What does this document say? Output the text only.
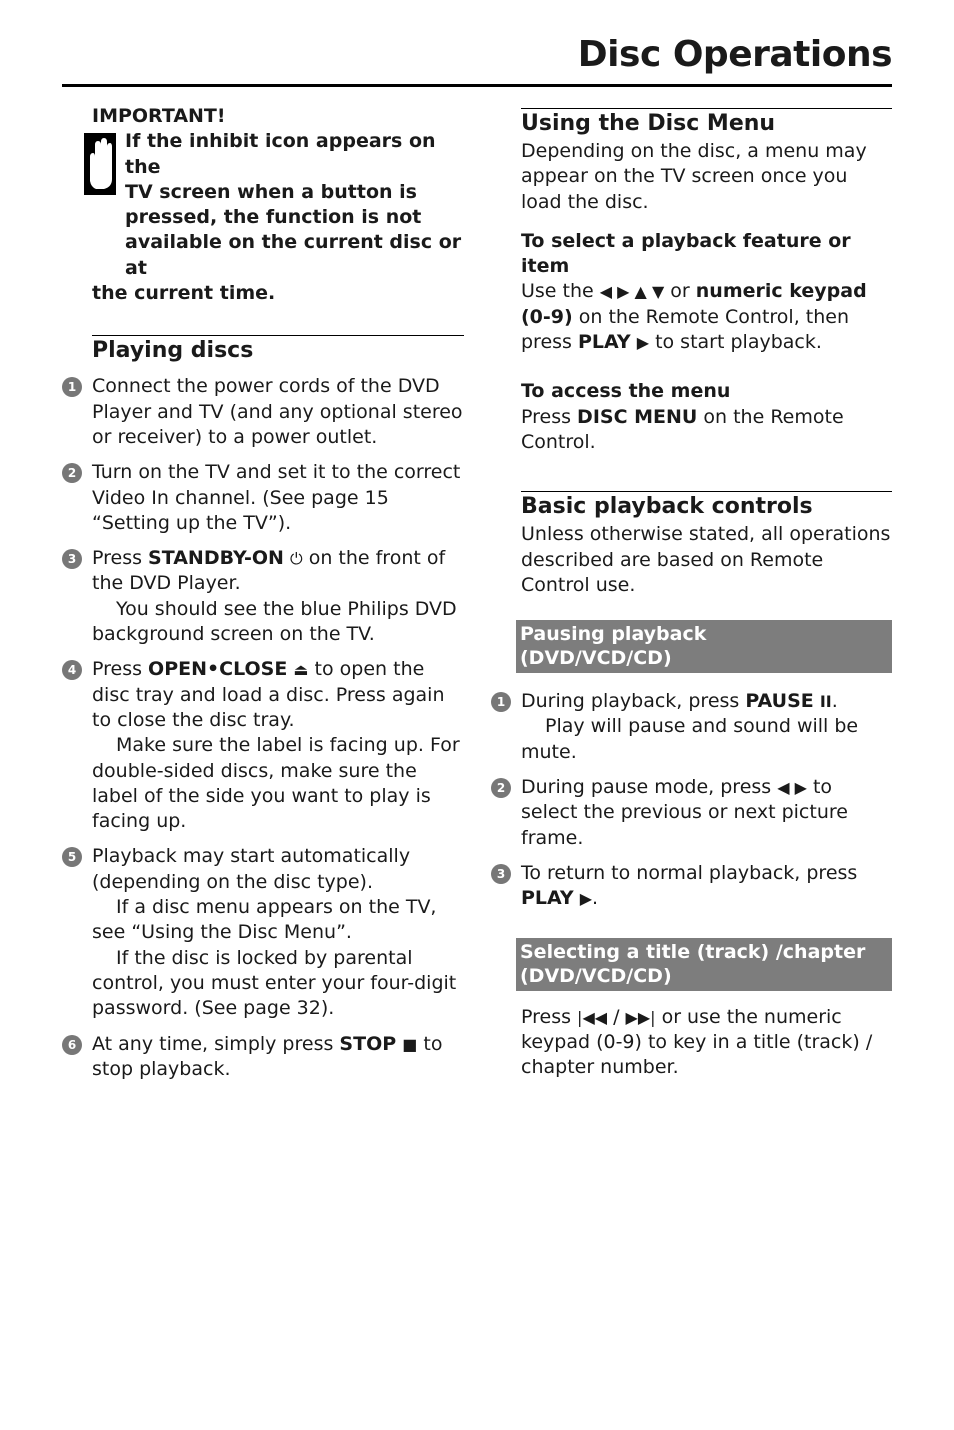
Disc Operations
IMPORTANT!
If the inhibit icon appears on the
TV screen when a button is
pressed, the function is not
available on the current disc or at
the current time.
Playing discs
1 Connect the power cords of the DVD Player and TV (and any optional stereo or receiver) to a power outlet.

2 Turn on the TV and set it to the correct Video In channel. (See page 15 “Setting up the TV”).

3 Press STANDBY-ON ⏻ on the front of the DVD Player.

You should see the blue Philips DVD background screen on the TV.

4 Press OPEN•CLOSE ⏏ to open the disc tray and load a disc. Press again to close the disc tray.

Make sure the label is facing up. For double-sided discs, make sure the label of the side you want to play is facing up.

5 Playback may start automatically (depending on the disc type).

If a disc menu appears on the TV, see “Using the Disc Menu”.

If the disc is locked by parental control, you must enter your four-digit password. (See page 32).

6 At any time, simply press STOP ■ to stop playback.

Using the Disc Menu

Depending on the disc, a menu may appear on the TV screen once you load the disc.

To select a playback feature or item

Use the ◀ ▶ ▲ ▼ or numeric keypad (0-9) on the Remote Control, then press PLAY ▶ to start playback.

To access the menu

Press DISC MENU on the Remote Control.

Basic playback controls

Unless otherwise stated, all operations described are based on Remote Control use.

Pausing playback
(DVD/VCD/CD)
1 During playback, press PAUSE II.

Play will pause and sound will be mute.

2 During pause mode, press ◀ ▶ to select the previous or next picture frame.

3 To return to normal playback, press PLAY ▶.

Selecting a title (track) /chapter
(DVD/VCD/CD)

Press |◀◀ / ▶▶| or use the numeric keypad (0-9) to key in a title (track) / chapter number.
